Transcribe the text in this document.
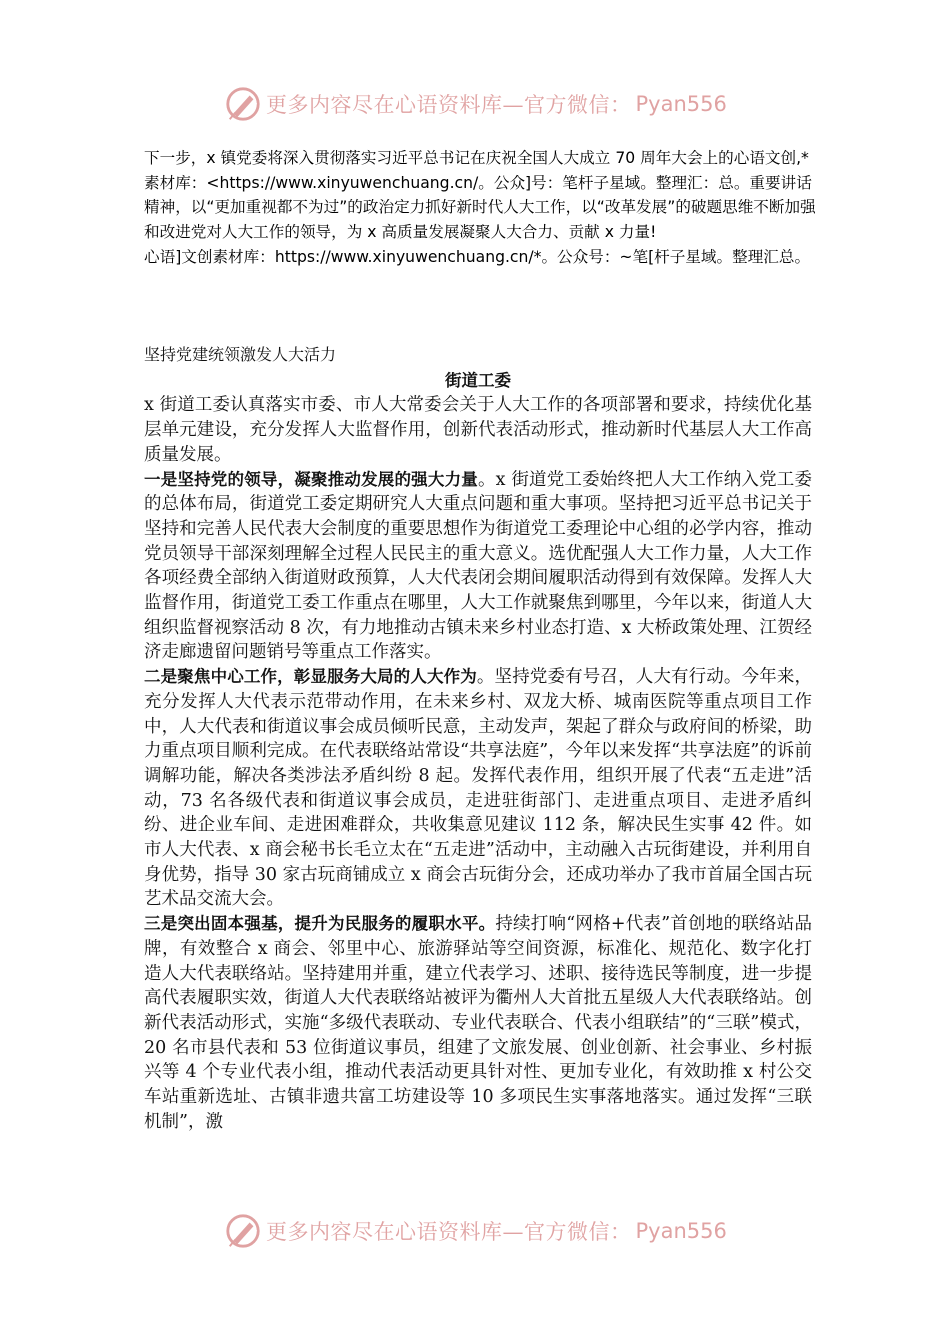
更多内容尽在心语资料库—官方微信： Pyan556

下一步，x 镇党委将深入贯彻落实习近平总书记在庆祝全国人大成立 70 周年大会上的心语文创,*素材库：<https://www.xinyuwenchuang.cn/。公众]号：笔杆子星域。整理汇：总。重要讲话精神，以“更加重视都不为过”的政治定力抓好新时代人大工作，以“改革发展”的破题思维不断加强和改进党对人大工作的领导，为 x 高质量发展凝聚人大合力、贡献 x 力量!

心语]文创素材库：https://www.xinyuwenchuang.cn/*。公众号：~笔[杆子星域。整理汇总。

坚持党建统领激发人大活力

街道工委

x 街道工委认真落实市委、市人大常委会关于人大工作的各项部署和要求，持续优化基层单元建设，充分发挥人大监督作用，创新代表活动形式，推动新时代基层人大工作高质量发展。

一是坚持党的领导，凝聚推动发展的强大力量。x 街道党工委始终把人大工作纳入党工委的总体布局，街道党工委定期研究人大重点问题和重大事项。坚持把习近平总书记关于坚持和完善人民代表大会制度的重要思想作为街道党工委理论中心组的必学内容，推动党员领导干部深刻理解全过程人民民主的重大意义。选优配强人大工作力量，人大工作各项经费全部纳入街道财政预算，人大代表闭会期间履职活动得到有效保障。发挥人大监督作用，街道党工委工作重点在哪里，人大工作就聚焦到哪里，今年以来，街道人大组织监督视察活动 8 次，有力地推动古镇未来乡村业态打造、x 大桥政策处理、江贺经济走廊遗留问题销号等重点工作落实。

二是聚焦中心工作，彰显服务大局的人大作为。坚持党委有号召，人大有行动。今年来，充分发挥人大代表示范带动作用，在未来乡村、双龙大桥、城南医院等重点项目工作中，人大代表和街道议事会成员倾听民意，主动发声，架起了群众与政府间的桥梁，助力重点项目顺利完成。在代表联络站常设“共享法庭”，今年以来发挥“共享法庭”的诉前调解功能，解决各类涉法矛盾纠纷 8 起。发挥代表作用，组织开展了代表“五走进”活动，73 名各级代表和街道议事会成员，走进驻街部门、走进重点项目、走进矛盾纠纷、进企业车间、走进困难群众，共收集意见建议 112 条，解决民生实事 42 件。如市人大代表、x 商会秘书长毛立太在“五走进”活动中，主动融入古玩街建设，并利用自身优势，指导 30 家古玩商铺成立 x 商会古玩街分会，还成功举办了我市首届全国古玩艺术品交流大会。

三是突出固本强基，提升为民服务的履职水平。持续打响“网格+代表”首创地的联络站品牌，有效整合 x 商会、邻里中心、旅游驿站等空间资源，标准化、规范化、数字化打造人大代表联络站。坚持建用并重，建立代表学习、述职、接待选民等制度，进一步提高代表履职实效，街道人大代表联络站被评为衢州人大首批五星级人大代表联络站。创新代表活动形式，实施“多级代表联动、专业代表联合、代表小组联结”的“三联”模式，20 名市县代表和 53 位街道议事员，组建了文旅发展、创业创新、社会事业、乡村振兴等 4 个专业代表小组，推动代表活动更具针对性、更加专业化，有效助推 x 村公交车站重新选址、古镇非遗共富工坊建设等 10 多项民生实事落地落实。通过发挥“三联机制”，激

更多内容尽在心语资料库—官方微信： Pyan556
